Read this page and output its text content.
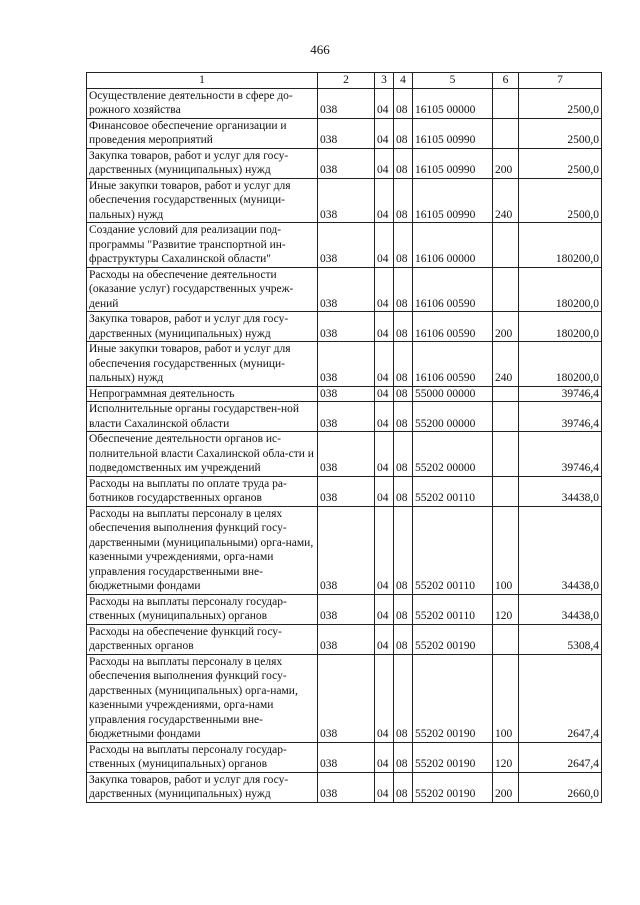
466
1	2	3	4	5	6	7
Осуществление деятельности в сфере до-рожного хозяйства	038	04	08	16105 00000		2500,0
Финансовое обеспечение организации и проведения мероприятий	038	04	08	16105 00990		2500,0
Закупка товаров, работ и услуг для госу-дарственных (муниципальных) нужд	038	04	08	16105 00990	200	2500,0
Иные закупки товаров, работ и услуг для обеспечения государственных (муници-пальных) нужд	038	04	08	16105 00990	240	2500,0
Создание условий для реализации под-программы "Развитие транспортной ин-фраструктуры Сахалинской области"	038	04	08	16106 00000		180200,0
Расходы на обеспечение деятельности (оказание услуг) государственных учреж-дений	038	04	08	16106 00590		180200,0
Закупка товаров, работ и услуг для госу-дарственных (муниципальных) нужд	038	04	08	16106 00590	200	180200,0
Иные закупки товаров, работ и услуг для обеспечения государственных (муници-пальных) нужд	038	04	08	16106 00590	240	180200,0
Непрограммная деятельность	038	04	08	55000 00000		39746,4
Исполнительные органы государствен-ной власти Сахалинской области	038	04	08	55200 00000		39746,4
Обеспечение деятельности органов ис-полнительной власти Сахалинской обла-сти и подведомственных им учреждений	038	04	08	55202 00000		39746,4
Расходы на выплаты по оплате труда ра-ботников государственных органов	038	04	08	55202 00110		34438,0
Расходы на выплаты персоналу в целях обеспечения выполнения функций госу-дарственными (муниципальными) орга-нами, казенными учреждениями, орга-нами управления государственными вне-бюджетными фондами	038	04	08	55202 00110	100	34438,0
Расходы на выплаты персоналу государ-ственных (муниципальных) органов	038	04	08	55202 00110	120	34438,0
Расходы на обеспечение функций госу-дарственных органов	038	04	08	55202 00190		5308,4
Расходы на выплаты персоналу в целях обеспечения выполнения функций госу-дарственных (муниципальных) орга-нами, казенными учреждениями, орга-нами управления государственными вне-бюджетными фондами	038	04	08	55202 00190	100	2647,4
Расходы на выплаты персоналу государ-ственных (муниципальных) органов	038	04	08	55202 00190	120	2647,4
Закупка товаров, работ и услуг для госу-дарственных (муниципальных) нужд	038	04	08	55202 00190	200	2660,0
